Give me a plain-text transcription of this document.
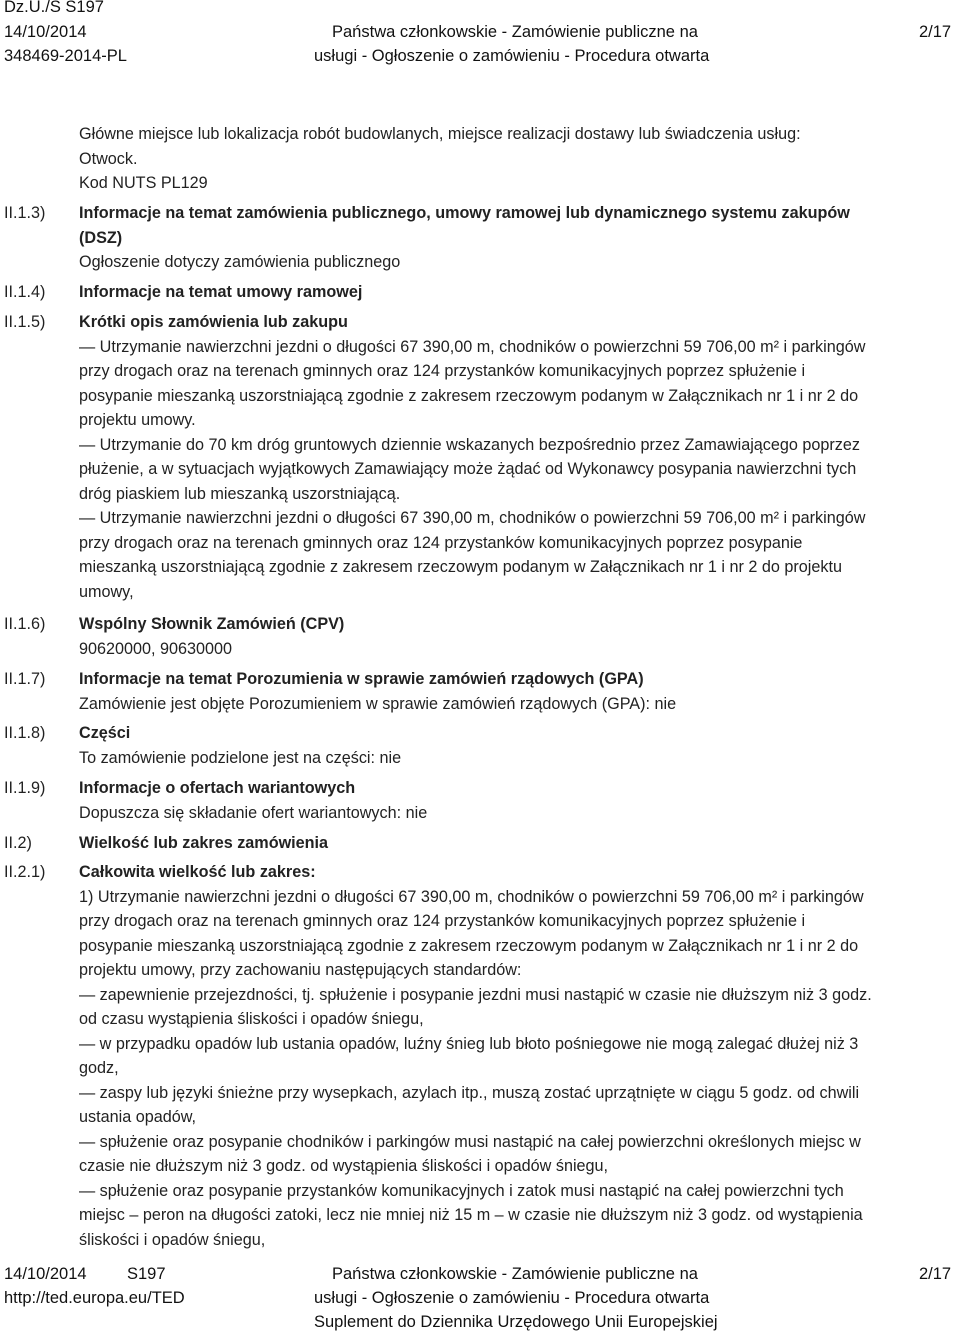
Dz.U./S S197
14/10/2014
348469-2014-PL
Państwa członkowskie - Zamówienie publiczne na
usługi - Ogłoszenie o zamówieniu - Procedura otwarta
2/17
Główne miejsce lub lokalizacja robót budowlanych, miejsce realizacji dostawy lub świadczenia usług:
Otwock.
Kod NUTS PL129
II.1.3)	Informacje na temat zamówienia publicznego, umowy ramowej lub dynamicznego systemu zakupów
(DSZ)
Ogłoszenie dotyczy zamówienia publicznego
II.1.4)	Informacje na temat umowy ramowej
II.1.5)	Krótki opis zamówienia lub zakupu
— Utrzymanie nawierzchni jezdni o długości 67 390,00 m, chodników o powierzchni 59 706,00 m² i parkingów
przy drogach oraz na terenach gminnych oraz 124 przystanków komunikacyjnych poprzez spłużenie i
posypanie mieszanką uszorstniającą zgodnie z zakresem rzeczowym podanym w Załącznikach nr 1 i nr 2 do
projektu umowy.
— Utrzymanie do 70 km dróg gruntowych dziennie wskazanych bezpośrednio przez Zamawiającego poprzez
płużenie, a w sytuacjach wyjątkowych Zamawiający może żądać od Wykonawcy posypania nawierzchni tych
dróg piaskiem lub mieszanką uszorstniającą.
— Utrzymanie nawierzchni jezdni o długości 67 390,00 m, chodników o powierzchni 59 706,00 m² i parkingów
przy drogach oraz na terenach gminnych oraz 124 przystanków komunikacyjnych poprzez posypanie
mieszanką uszorstniającą zgodnie z zakresem rzeczowym podanym w Załącznikach nr 1 i nr 2 do projektu
umowy,
II.1.6)	Wspólny Słownik Zamówień (CPV)
90620000, 90630000
II.1.7)	Informacje na temat Porozumienia w sprawie zamówień rządowych (GPA)
Zamówienie jest objęte Porozumieniem w sprawie zamówień rządowych (GPA): nie
II.1.8)	Części
To zamówienie podzielone jest na części: nie
II.1.9)	Informacje o ofertach wariantowych
Dopuszcza się składanie ofert wariantowych: nie
II.2)	Wielkość lub zakres zamówienia
II.2.1)	Całkowita wielkość lub zakres:
1) Utrzymanie nawierzchni jezdni o długości 67 390,00 m, chodników o powierzchni 59 706,00 m² i parkingów
przy drogach oraz na terenach gminnych oraz 124 przystanków komunikacyjnych poprzez spłużenie i
posypanie mieszanką uszorstniającą zgodnie z zakresem rzeczowym podanym w Załącznikach nr 1 i nr 2 do
projektu umowy, przy zachowaniu następujących standardów:
— zapewnienie przejezdności, tj. spłużenie i posypanie jezdni musi nastąpić w czasie nie dłuższym niż 3 godz.
od czasu wystąpienia śliskości i opadów śniegu,
— w przypadku opadów lub ustania opadów, luźny śnieg lub błoto pośniegowe nie mogą zalegać dłużej niż 3
godz,
— zaspy lub języki śnieżne przy wysepkach, azylach itp., muszą zostać uprzątnięte w ciągu 5 godz. od chwili
ustania opadów,
— spłużenie oraz posypanie chodników i parkingów musi nastąpić na całej powierzchni określonych miejsc w
czasie nie dłuższym niż 3 godz. od wystąpienia śliskości i opadów śniegu,
— spłużenie oraz posypanie przystanków komunikacyjnych i zatok musi nastąpić na całej powierzchni tych
miejsc – peron na długości zatoki, lecz nie mniej niż 15 m – w czasie nie dłuższym niż 3 godz. od wystąpienia
śliskości i opadów śniegu,
14/10/2014 S197
http://ted.europa.eu/TED
Państwa członkowskie - Zamówienie publiczne na
usługi - Ogłoszenie o zamówieniu - Procedura otwarta
Suplement do Dziennika Urzędowego Unii Europejskiej
2/17
